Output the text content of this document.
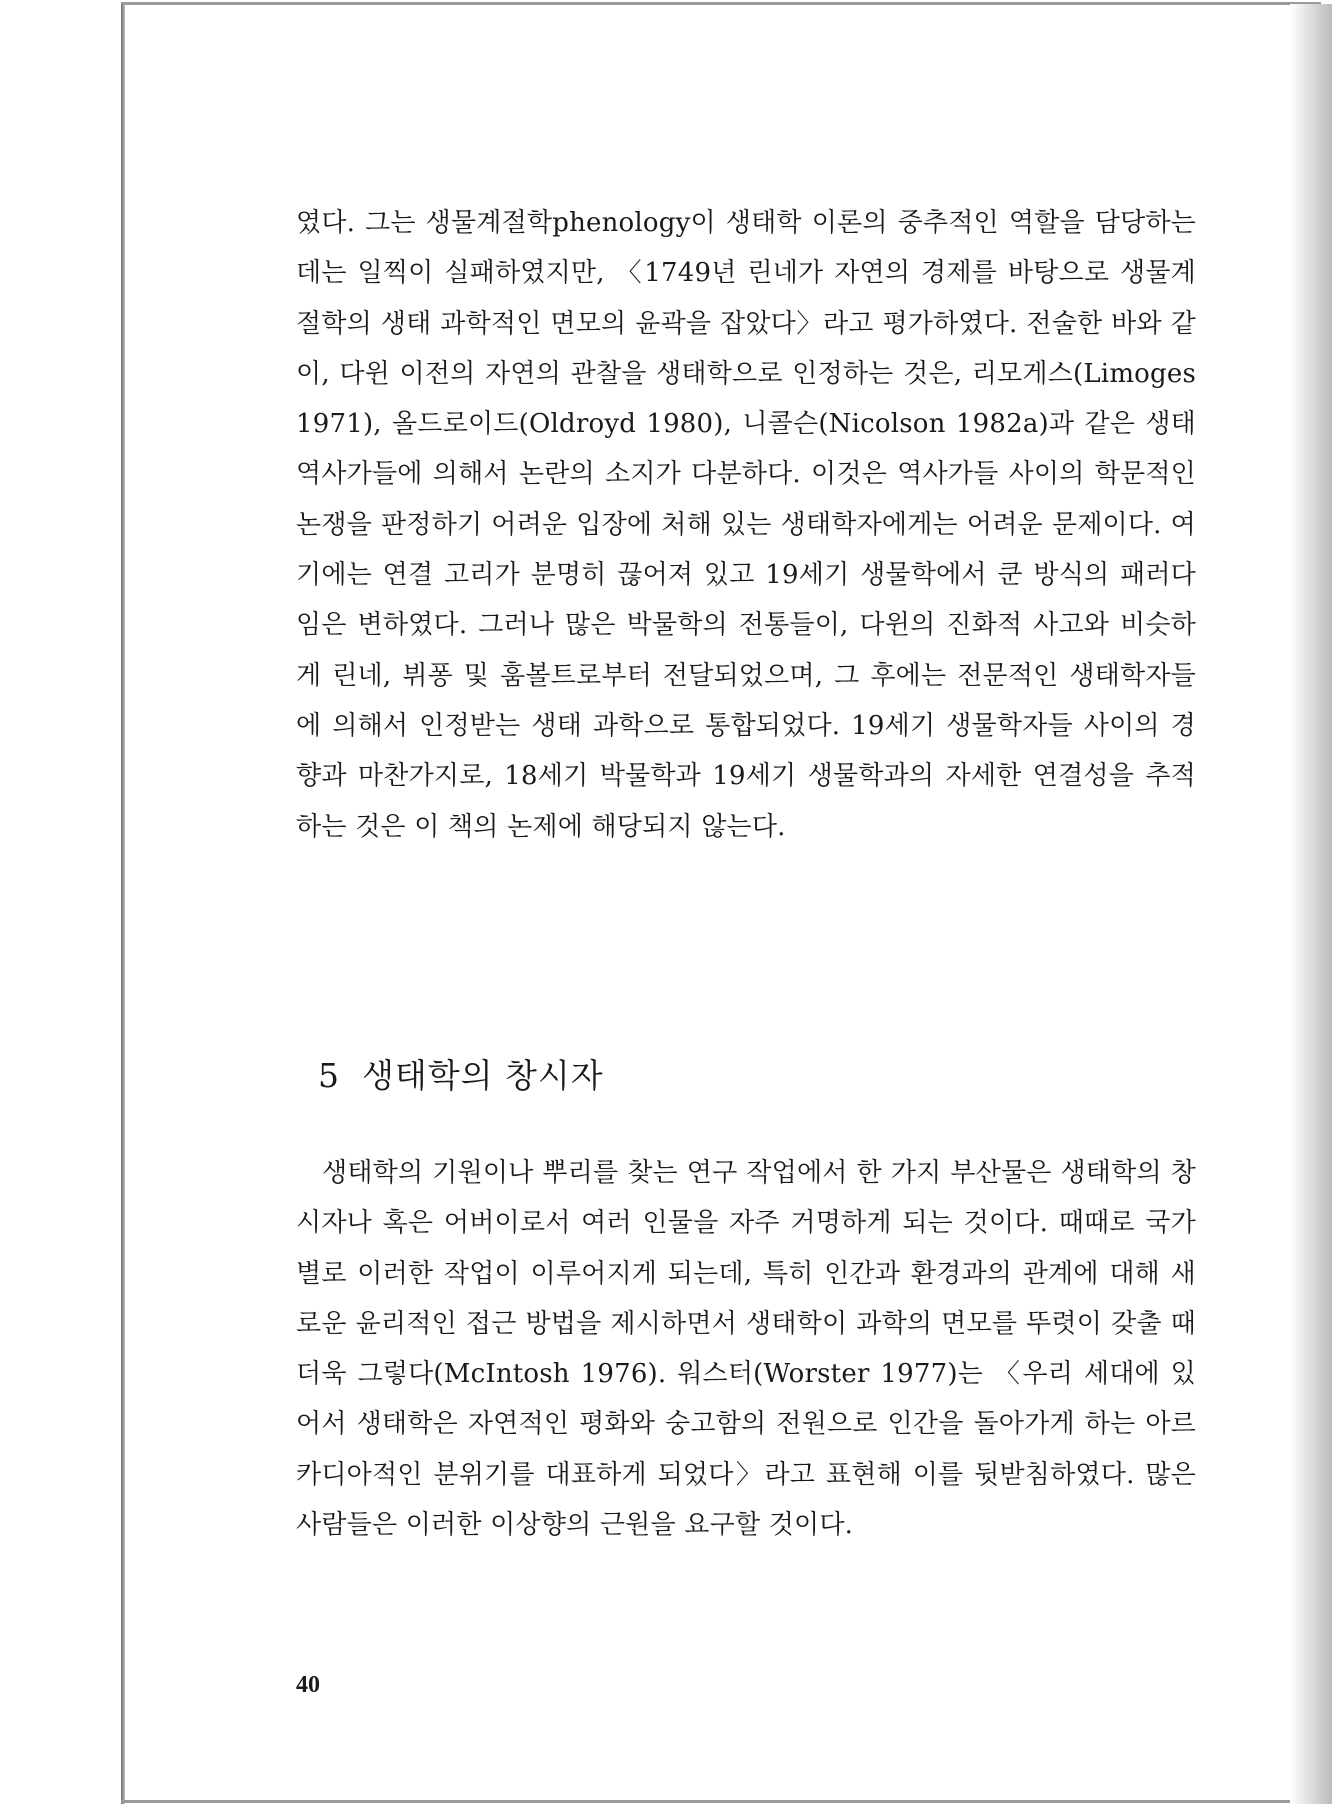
였다. 그는 생물계절학phenology이 생태학 이론의 중추적인 역할을 담당하는 데는 일찍이 실패하였지만, 〈1749년 린네가 자연의 경제를 바탕으로 생물계절학의 생태 과학적인 면모의 윤곽을 잡았다〉라고 평가하였다. 전술한 바와 같이, 다윈 이전의 자연의 관찰을 생태학으로 인정하는 것은, 리모게스(Limoges 1971), 올드로이드(Oldroyd 1980), 니콜슨(Nicolson 1982a)과 같은 생태 역사가들에 의해서 논란의 소지가 다분하다. 이것은 역사가들 사이의 학문적인 논쟁을 판정하기 어려운 입장에 처해 있는 생태학자에게는 어려운 문제이다. 여기에는 연결 고리가 분명히 끊어져 있고 19세기 생물학에서 쿤 방식의 패러다임은 변하였다. 그러나 많은 박물학의 전통들이, 다윈의 진화적 사고와 비슷하게 린네, 뷔퐁 및 훔볼트로부터 전달되었으며, 그 후에는 전문적인 생태학자들에 의해서 인정받는 생태 과학으로 통합되었다. 19세기 생물학자들 사이의 경향과 마찬가지로, 18세기 박물학과 19세기 생물학과의 자세한 연결성을 추적하는 것은 이 책의 논제에 해당되지 않는다.

5 생태학의 창시자

생태학의 기원이나 뿌리를 찾는 연구 작업에서 한 가지 부산물은 생태학의 창시자나 혹은 어버이로서 여러 인물을 자주 거명하게 되는 것이다. 때때로 국가별로 이러한 작업이 이루어지게 되는데, 특히 인간과 환경과의 관계에 대해 새로운 윤리적인 접근 방법을 제시하면서 생태학이 과학의 면모를 뚜렷이 갖출 때 더욱 그렇다(McIntosh 1976). 워스터(Worster 1977)는 〈우리 세대에 있어서 생태학은 자연적인 평화와 숭고함의 전원으로 인간을 돌아가게 하는 아르카디아적인 분위기를 대표하게 되었다〉라고 표현해 이를 뒷받침하였다. 많은 사람들은 이러한 이상향의 근원을 요구할 것이다.

40
